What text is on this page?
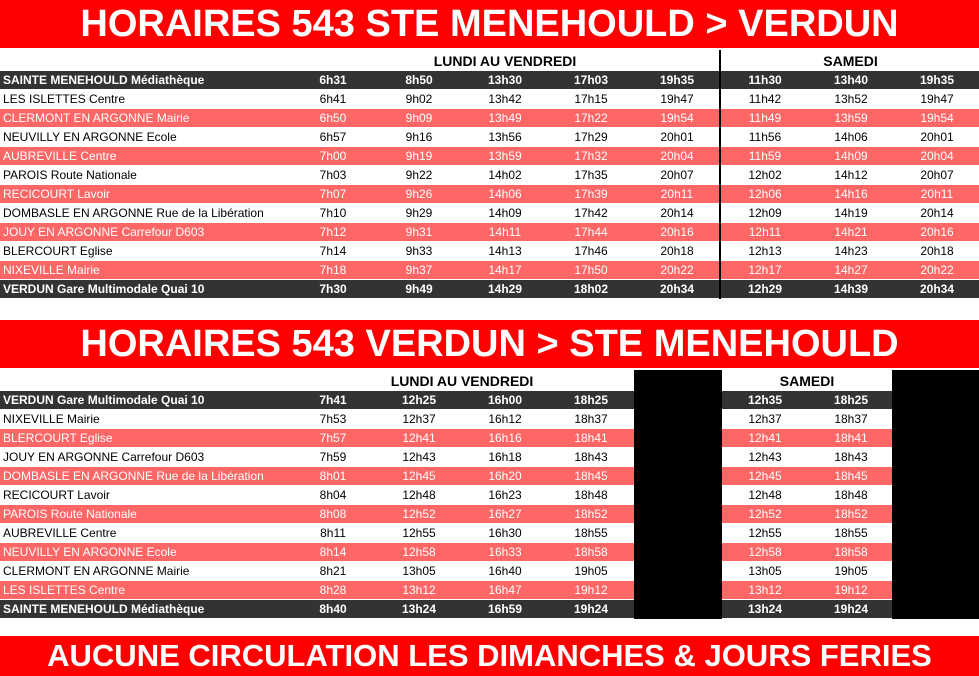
HORAIRES 543 STE MENEHOULD > VERDUN
LUNDI AU VENDREDI	SAMEDI
SAINTE MENEHOULD Médiathèque	6h31	8h50	13h30	17h03	19h35	11h30	13h40	19h35
LES ISLETTES Centre	6h41	9h02	13h42	17h15	19h47	11h42	13h52	19h47
CLERMONT EN ARGONNE Mairie	6h50	9h09	13h49	17h22	19h54	11h49	13h59	19h54
NEUVILLY EN ARGONNE Ecole	6h57	9h16	13h56	17h29	20h01	11h56	14h06	20h01
AUBREVILLE Centre	7h00	9h19	13h59	17h32	20h04	11h59	14h09	20h04
PAROIS Route Nationale	7h03	9h22	14h02	17h35	20h07	12h02	14h12	20h07
RECICOURT Lavoir	7h07	9h26	14h06	17h39	20h11	12h06	14h16	20h11
DOMBASLE EN ARGONNE Rue de la Libération	7h10	9h29	14h09	17h42	20h14	12h09	14h19	20h14
JOUY EN ARGONNE Carrefour D603	7h12	9h31	14h11	17h44	20h16	12h11	14h21	20h16
BLERCOURT Eglise	7h14	9h33	14h13	17h46	20h18	12h13	14h23	20h18
NIXEVILLE Mairie	7h18	9h37	14h17	17h50	20h22	12h17	14h27	20h22
VERDUN Gare Multimodale Quai 10	7h30	9h49	14h29	18h02	20h34	12h29	14h39	20h34
HORAIRES 543 VERDUN > STE MENEHOULD
LUNDI AU VENDREDI	SAMEDI
VERDUN Gare Multimodale Quai 10	7h41	12h25	16h00	18h25	12h35	18h25
NIXEVILLE Mairie	7h53	12h37	16h12	18h37	12h37	18h37
BLERCOURT Eglise	7h57	12h41	16h16	18h41	12h41	18h41
JOUY EN ARGONNE Carrefour D603	7h59	12h43	16h18	18h43	12h43	18h43
DOMBASLE EN ARGONNE Rue de la Libération	8h01	12h45	16h20	18h45	12h45	18h45
RECICOURT Lavoir	8h04	12h48	16h23	18h48	12h48	18h48
PAROIS Route Nationale	8h08	12h52	16h27	18h52	12h52	18h52
AUBREVILLE Centre	8h11	12h55	16h30	18h55	12h55	18h55
NEUVILLY EN ARGONNE Ecole	8h14	12h58	16h33	18h58	12h58	18h58
CLERMONT EN ARGONNE Mairie	8h21	13h05	16h40	19h05	13h05	19h05
LES ISLETTES Centre	8h28	13h12	16h47	19h12	13h12	19h12
SAINTE MENEHOULD Médiathèque	8h40	13h24	16h59	19h24	13h24	19h24
AUCUNE CIRCULATION LES DIMANCHES & JOURS FERIES
